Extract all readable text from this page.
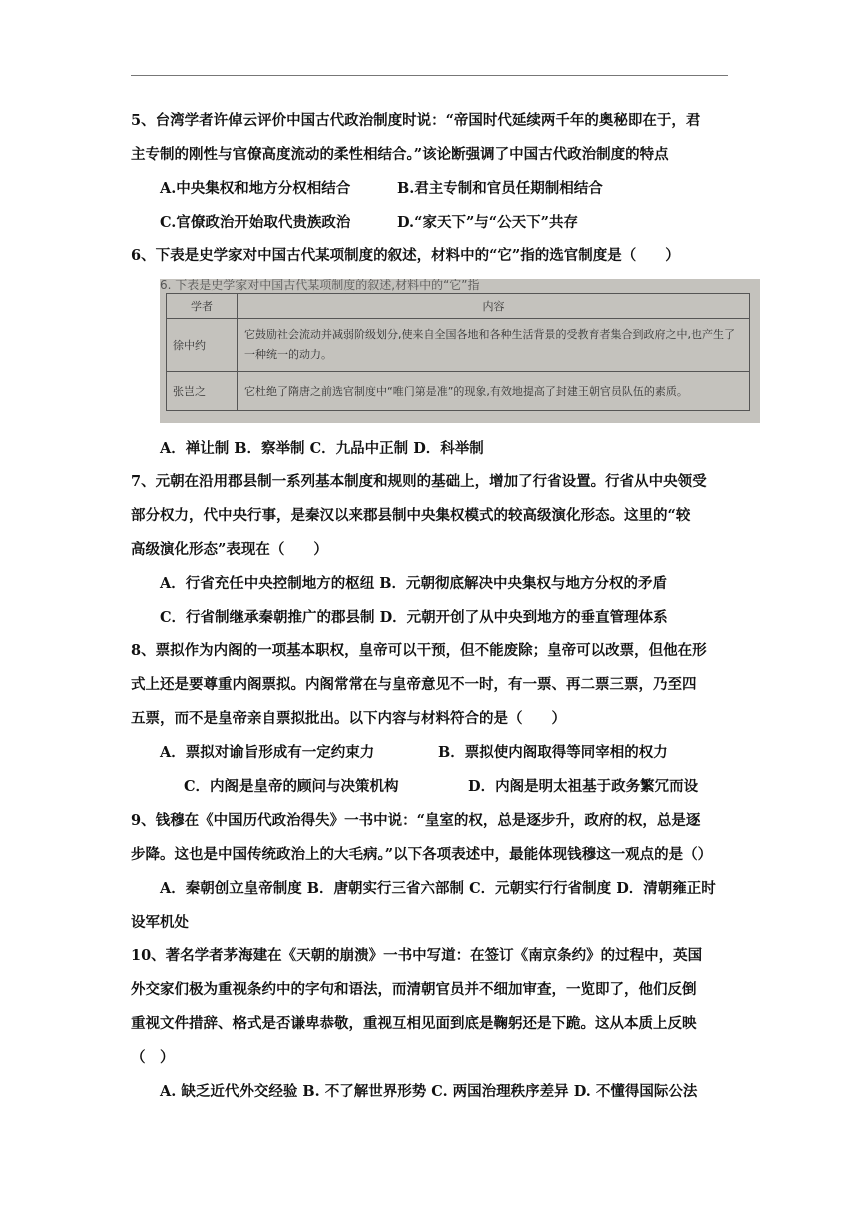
5、台湾学者许倬云评价中国古代政治制度时说：“帝国时代延续两千年的奥秘即在于，君
主专制的刚性与官僚高度流动的柔性相结合。”该论断强调了中国古代政治制度的特点
A.中央集权和地方分权相结合	B.君主专制和官员任期制相结合
C.官僚政治开始取代贵族政治	D.“家天下”与“公天下”共存
6、下表是史学家对中国古代某项制度的叙述，材料中的“它”指的选官制度是（　　）
6. 下表是史学家对中国古代某项制度的叙述,材料中的“它”指
学者	内容
徐中约	它鼓励社会流动并减弱阶级划分,使来自全国各地和各种生活背景的受教育者集合到政府之中,也产生了一种统一的动力。
张岂之	它杜绝了隋唐之前选官制度中“唯门第是准”的现象,有效地提高了封建王朝官员队伍的素质。
A．禅让制 B．察举制 C．九品中正制 D．科举制
7、元朝在沿用郡县制一系列基本制度和规则的基础上，增加了行省设置。行省从中央领受
部分权力，代中央行事，是秦汉以来郡县制中央集权模式的较高级演化形态。这里的“较
高级演化形态”表现在（　　）
A．行省充任中央控制地方的枢纽 B．元朝彻底解决中央集权与地方分权的矛盾
C．行省制继承秦朝推广的郡县制 D．元朝开创了从中央到地方的垂直管理体系
8、票拟作为内阁的一项基本职权，皇帝可以干预，但不能废除；皇帝可以改票，但他在形
式上还是要尊重内阁票拟。内阁常常在与皇帝意见不一时，有一票、再二票三票，乃至四
五票，而不是皇帝亲自票拟批出。以下内容与材料符合的是（　　）
A．票拟对谕旨形成有一定约束力	B．票拟使内阁取得等同宰相的权力
C．内阁是皇帝的顾问与决策机构	D．内阁是明太祖基于政务繁冗而设
9、钱穆在《中国历代政治得失》一书中说：“皇室的权，总是逐步升，政府的权，总是逐
步降。这也是中国传统政治上的大毛病。”以下各项表述中，最能体现钱穆这一观点的是（）
A．秦朝创立皇帝制度 B．唐朝实行三省六部制 C．元朝实行行省制度 D．清朝雍正时
设军机处
10、著名学者茅海建在《天朝的崩溃》一书中写道：在签订《南京条约》的过程中，英国
外交家们极为重视条约中的字句和语法，而清朝官员并不细加审查，一览即了，他们反倒
重视文件措辞、格式是否谦卑恭敬，重视互相见面到底是鞠躬还是下跪。这从本质上反映
（　）
A. 缺乏近代外交经验 B. 不了解世界形势 C. 两国治理秩序差异 D. 不懂得国际公法
